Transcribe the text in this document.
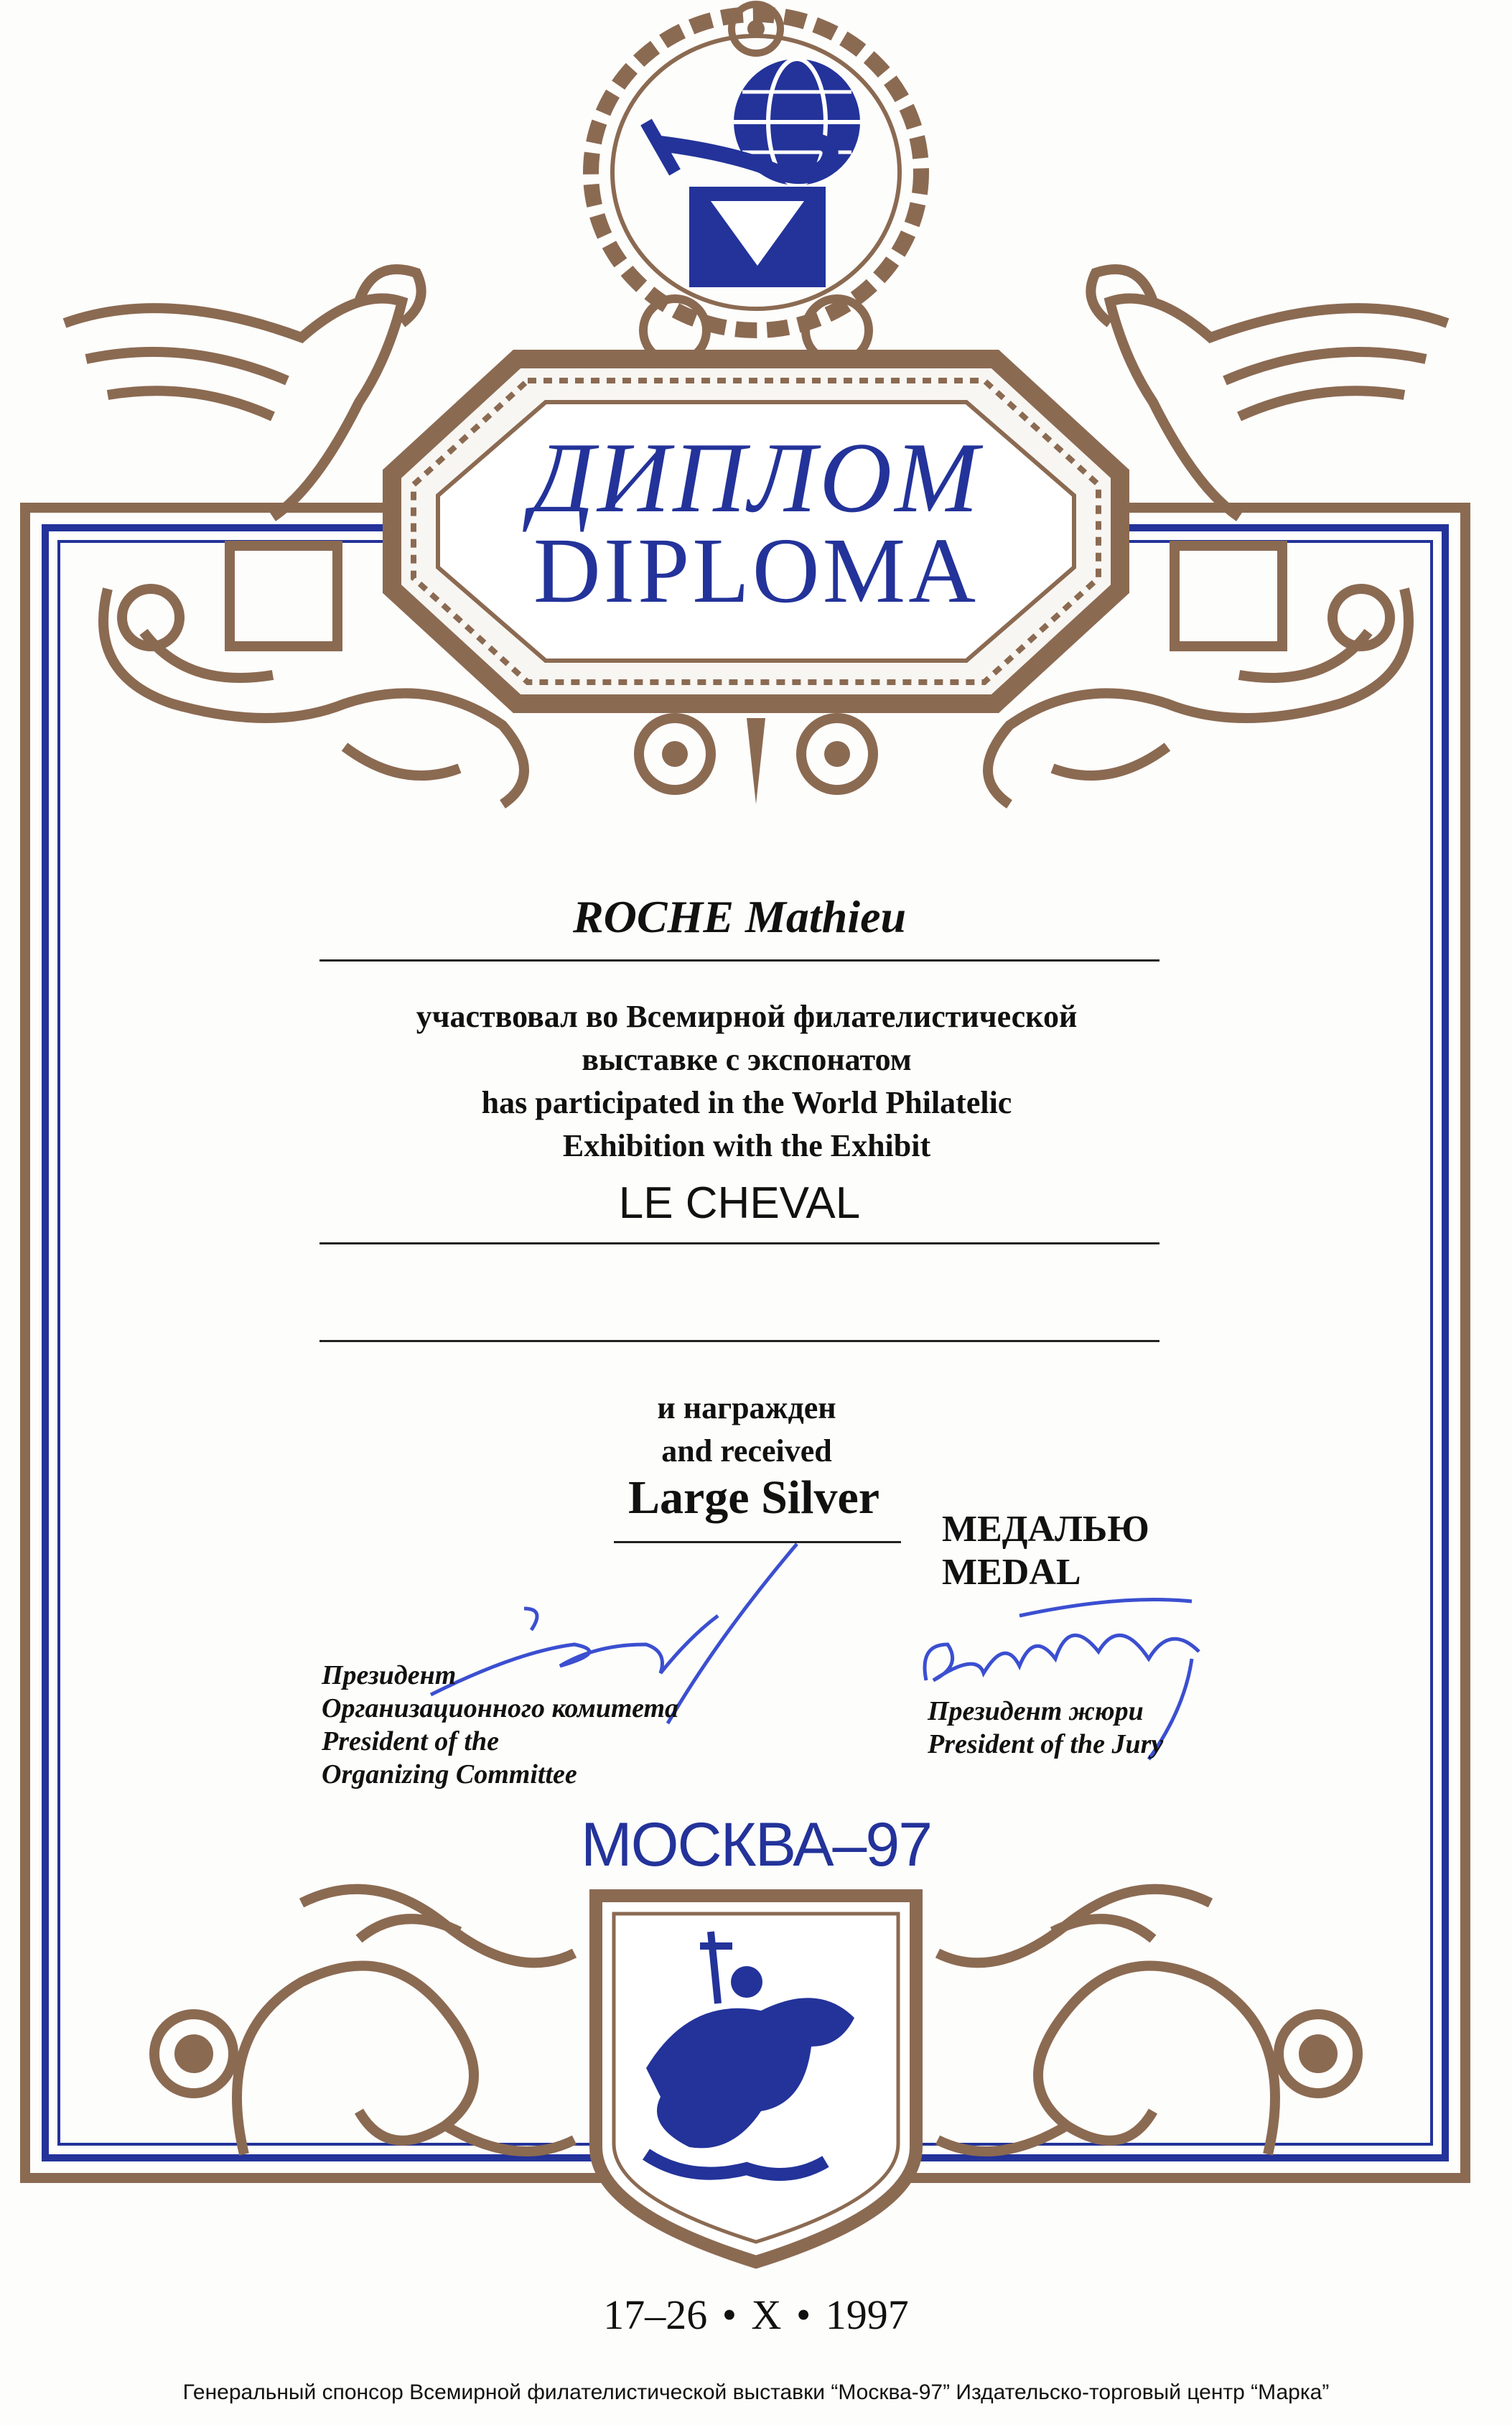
ДИПЛОМ
DIPLOMA
ROCHE Mathieu
участвовал во Всемирной филателистической
выставке с экспонатом
has participated in the World Philatelic
Exhibition with the Exhibit
LE CHEVAL
и награжден
and received
Large Silver
МЕДАЛЬЮ
MEDAL
Президент
Организационного комитета
President of the
Organizing Committee
Президент жюри
President of the Jury
МОСКВА–97
17–26 • X • 1997
Генеральный спонсор Всемирной филателистической выставки “Москва-97” Издательско-торговый центр “Марка”
